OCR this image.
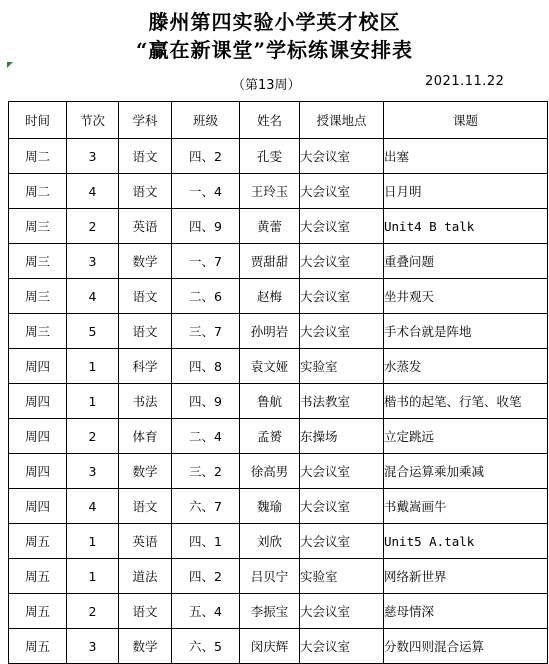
滕州第四实验小学英才校区
“赢在新课堂”学标练课安排表
（第13周）	2021.11.22
时间	节次	学科	班级	姓名	授课地点	课题
周二	3	语文	四、2	孔雯	大会议室	出塞
周二	4	语文	一、4	王玲玉	大会议室	日月明
周三	2	英语	四、9	黄蕾	大会议室	Unit4 B talk
周三	3	数学	一、7	贾甜甜	大会议室	重叠问题
周三	4	语文	二、6	赵梅	大会议室	坐井观天
周三	5	语文	三、7	孙明岩	大会议室	手术台就是阵地
周四	1	科学	四、8	袁文娅	实验室	水蒸发
周四	1	书法	四、9	鲁航	书法教室	楷书的起笔、行笔、收笔
周四	2	体育	二、4	孟赟	东操场	立定跳远
周四	3	数学	三、2	徐高男	大会议室	混合运算乘加乘减
周四	4	语文	六、7	魏瑜	大会议室	书戴嵩画牛
周五	1	英语	四、1	刘欣	大会议室	Unit5 A.talk
周五	1	道法	四、2	吕贝宁	实验室	网络新世界
周五	2	语文	五、4	李振宝	大会议室	慈母情深
周五	3	数学	六、5	闵庆辉	大会议室	分数四则混合运算
